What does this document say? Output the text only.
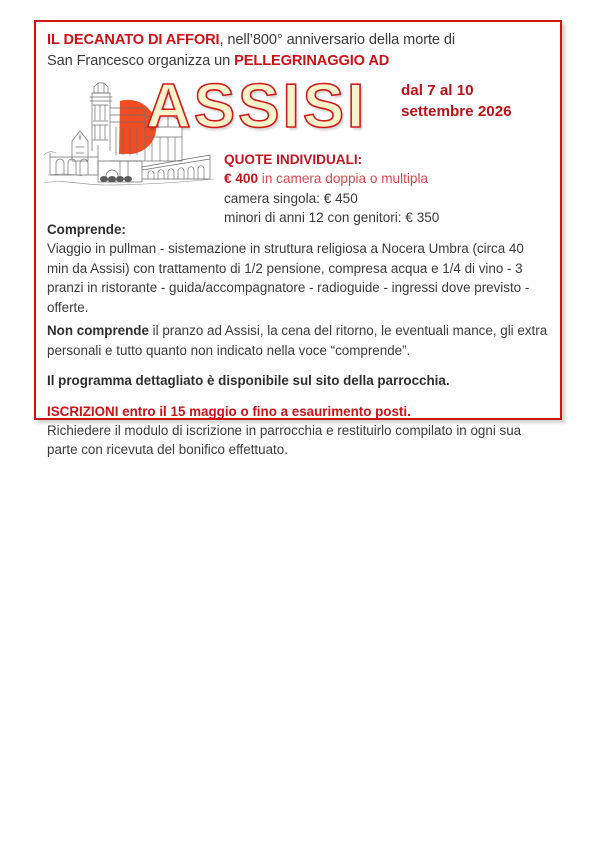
IL DECANATO DI AFFORI, nell’800° anniversario della morte di
San Francesco organizza un PELLEGRINAGGIO AD
ASSISI dal 7 al 10
settembre 2026
QUOTE INDIVIDUALI:
€ 400 in camera doppia o multipla
camera singola: € 450
minori di anni 12 con genitori: € 350

Comprende:
Viaggio in pullman - sistemazione in struttura religiosa a Nocera Umbra (circa 40 min da Assisi) con trattamento di 1/2 pensione, compresa acqua e 1/4 di vino - 3 pranzi in ristorante - guida/accompagnatore - radioguide - ingressi dove previsto - offerte.

Non comprende il pranzo ad Assisi, la cena del ritorno, le eventuali mance, gli extra personali e tutto quanto non indicato nella voce “comprende”.

Il programma dettagliato è disponibile sul sito della parrocchia.

ISCRIZIONI entro il 15 maggio o fino a esaurimento posti.
Richiedere il modulo di iscrizione in parrocchia e restituirlo compilato in ogni sua parte con ricevuta del bonifico effettuato.
